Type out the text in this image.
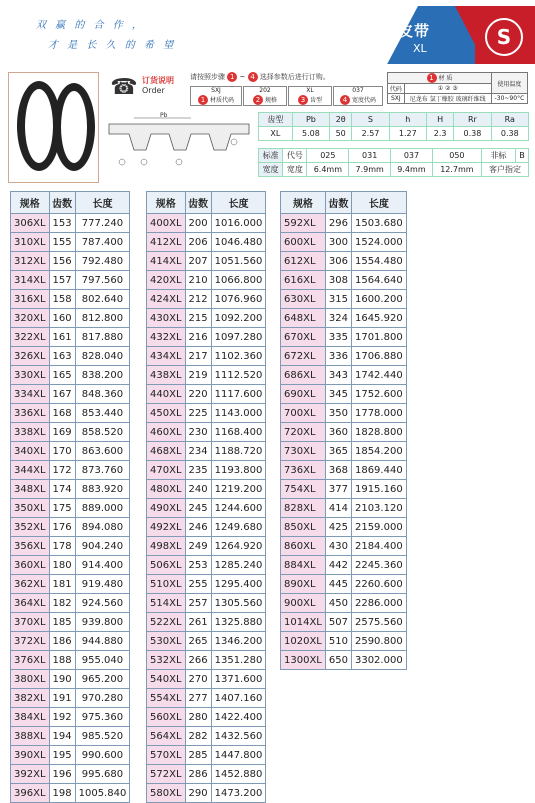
双 赢 的 合 作 ，
才 是 长 久 的 希 望
梯型齿同步皮带
XL	S
☎ 订货说明
Order
请按照步骤 1 ~ 4 选择参数后进行订购。
SXJ
1 材质代码
202
2 规格
XL
3 齿型
037
4 宽度代码
1 材 质		使用温度
代码	① ② ③	
SXJ	尼龙布 氯丁橡胶 玻璃纤维线	-30~90°C
Pb	齿型	Pb	2θ	S	h	H	Rr	Ra
XL	5.08	50	2.57	1.27	2.3	0.38	0.38
标准	代号	025	031	037	050	非标	B
宽度	宽度	6.4mm	7.9mm	9.4mm	12.7mm	客户指定	
规格	齿数	长度
306XL	153	777.240
310XL	155	787.400
312XL	156	792.480
314XL	157	797.560
316XL	158	802.640
320XL	160	812.800
322XL	161	817.880
326XL	163	828.040
330XL	165	838.200
334XL	167	848.360
336XL	168	853.440
338XL	169	858.520
340XL	170	863.600
344XL	172	873.760
348XL	174	883.920
350XL	175	889.000
352XL	176	894.080
356XL	178	904.240
360XL	180	914.400
362XL	181	919.480
364XL	182	924.560
370XL	185	939.800
372XL	186	944.880
376XL	188	955.040
380XL	190	965.200
382XL	191	970.280
384XL	192	975.360
388XL	194	985.520
390XL	195	990.600
392XL	196	995.680
396XL	198	1005.840
规格	齿数	长度
400XL	200	1016.000
412XL	206	1046.480
414XL	207	1051.560
420XL	210	1066.800
424XL	212	1076.960
430XL	215	1092.200
432XL	216	1097.280
434XL	217	1102.360
438XL	219	1112.520
440XL	220	1117.600
450XL	225	1143.000
460XL	230	1168.400
468XL	234	1188.720
470XL	235	1193.800
480XL	240	1219.200
490XL	245	1244.600
492XL	246	1249.680
498XL	249	1264.920
506XL	253	1285.240
510XL	255	1295.400
514XL	257	1305.560
522XL	261	1325.880
530XL	265	1346.200
532XL	266	1351.280
540XL	270	1371.600
554XL	277	1407.160
560XL	280	1422.400
564XL	282	1432.560
570XL	285	1447.800
572XL	286	1452.880
580XL	290	1473.200
规格	齿数	长度
592XL	296	1503.680
600XL	300	1524.000
612XL	306	1554.480
616XL	308	1564.640
630XL	315	1600.200
648XL	324	1645.920
670XL	335	1701.800
672XL	336	1706.880
686XL	343	1742.440
690XL	345	1752.600
700XL	350	1778.000
720XL	360	1828.800
730XL	365	1854.200
736XL	368	1869.440
754XL	377	1915.160
828XL	414	2103.120
850XL	425	2159.000
860XL	430	2184.400
884XL	442	2245.360
890XL	445	2260.600
900XL	450	2286.000
1014XL	507	2575.560
1020XL	510	2590.800
1300XL	650	3302.000
